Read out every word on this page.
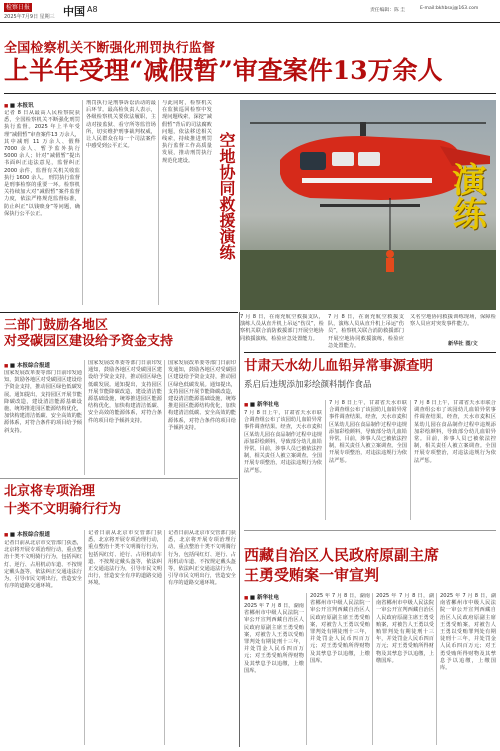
检察日报
2025年7月9日 星期三 中国 A8	责任编辑：陈 圭	E-mail:bkhbsxj@163.com
全国检察机关不断强化刑罚执行监督
上半年受理“减假暂”审查案件13万余人
■ ■ 本报讯
记者 8 日从最高人民检察院获悉，全国检察机关不断强化刑罚执行监督。2025 年上半年受理“减假暂”审查案件13 万余人，其中减刑 11 万余人、假释 7000 余人、暂予监外执行 5000 余人；针对“减假暂”提出书面纠正违法意见，监督纠正 2000 余件，监督有关机关收监执行 1600 余人。 刑罚执行监督是刑事检察的重要一环。检察机关持续加大对“减假暂”案件监督力度，依法严格规范监督标准，防止纠正“以钱赎身”等问题，确保执行公平公正。
刑罚执行是刑事诉讼活动的最后环节。最高检负责人表示，各级检察机关要依法履职，主动对接监狱、看守所等监管场所，切实维护刑事裁判权威，让人民群众在每一个司法案件中感受到公平正义。
与此同时，检察机关在监狱巡回检察中发现问题线索，深挖“减假暂”背后的司法腐败问题，依法移送相关线索，持续推进刑罚执行监督工作高质量发展，推动刑罚执行规范化建设。	空地协同救援演练	演练
7 月 8 日，在南充航空救援支队，演练人员从直升机上吊运“伤员”，检察机关联合消防救援部门开展空地协同救援演练，检验应急处置能力。
7 月 8 日，在南充航空救援支队，演练人员从直升机上吊运“伤员”，检察机关联合消防救援部门开展空地协同救援演练，检验应急处置能力。
又名空地协同救援训练现场，保障检察人员应对突发事件能力。
新华社 图/文
三部门鼓励各地区
对受碳园区建设给予资金支持
■ ■ 本报综合报道
国家发展改革委等部门日前印发通知，鼓励各地区对受碳园区建设给予资金支持，推动园区绿色低碳发展。通知提出，支持园区开展节能降碳改造，建设清洁能源基础设施，统筹推进园区能源结构优化，加快构建清洁低碳、安全高效的能源体系，对符合条件的项目给予倾斜支持。
国家发展改革委等部门日前印发通知，鼓励各地区对受碳园区建设给予资金支持，推动园区绿色低碳发展。通知提出，支持园区开展节能降碳改造，建设清洁能源基础设施，统筹推进园区能源结构优化，加快构建清洁低碳、安全高效的能源体系，对符合条件的项目给予倾斜支持。
国家发展改革委等部门日前印发通知，鼓励各地区对受碳园区建设给予资金支持，推动园区绿色低碳发展。通知提出，支持园区开展节能降碳改造，建设清洁能源基础设施，统筹推进园区能源结构优化，加快构建清洁低碳、安全高效的能源体系，对符合条件的项目给予倾斜支持。
北京将专项治理
十类不文明骑行行为
■ ■ 本报综合报道
记者日前从北京市交管部门获悉，北京将开展专项治理行动，重点整治十类不文明骑行行为，包括闯红灯、逆行、占用机动车道、不按规定戴头盔等，依法纠正交通违法行为，引导市民文明出行，营造安全有序的道路交通环境。
记者日前从北京市交管部门获悉，北京将开展专项治理行动，重点整治十类不文明骑行行为，包括闯红灯、逆行、占用机动车道、不按规定戴头盔等，依法纠正交通违法行为，引导市民文明出行，营造安全有序的道路交通环境。
记者日前从北京市交管部门获悉，北京将开展专项治理行动，重点整治十类不文明骑行行为，包括闯红灯、逆行、占用机动车道、不按规定戴头盔等，依法纠正交通违法行为，引导市民文明出行，营造安全有序的道路交通环境。
甘肃天水幼儿血铅异常事源查明
系启后违规添加彩绘颜料制作食品
■ ■ 新华社电
7 月 8 日上午，甘肃省天水市联合调查组公布了该园幼儿血铅异常事件调查结果。经查，天水市麦积区某幼儿园在食品制作过程中违规添加彩绘颜料，导致部分幼儿血铅异常。目前，涉事人员已被依法控制，相关责任人被立案调查。全国开展专项整治，对违法违规行为依法严惩。
7 月 8 日上午，甘肃省天水市联合调查组公布了该园幼儿血铅异常事件调查结果。经查，天水市麦积区某幼儿园在食品制作过程中违规添加彩绘颜料，导致部分幼儿血铅异常。目前，涉事人员已被依法控制，相关责任人被立案调查。全国开展专项整治，对违法违规行为依法严惩。
7 月 8 日上午，甘肃省天水市联合调查组公布了该园幼儿血铅异常事件调查结果。经查，天水市麦积区某幼儿园在食品制作过程中违规添加彩绘颜料，导致部分幼儿血铅异常。目前，涉事人员已被依法控制，相关责任人被立案调查。全国开展专项整治，对违法违规行为依法严惩。
西藏自治区人民政府原副主席
王勇受贿案一审宣判
■ ■ 新华社电
2025 年 7 月 8 日，湖南省郴州市中级人民法院一审公开宣判西藏自治区人民政府原副主席王勇受贿案，对被告人王勇以受贿罪判处有期徒刑十三年，并处罚金人民币四百万元；对王勇受贿所得财物及其孳息予以追缴，上缴国库。
2025 年 7 月 8 日，湖南省郴州市中级人民法院一审公开宣判西藏自治区人民政府原副主席王勇受贿案，对被告人王勇以受贿罪判处有期徒刑十三年，并处罚金人民币四百万元；对王勇受贿所得财物及其孳息予以追缴，上缴国库。
2025 年 7 月 8 日，湖南省郴州市中级人民法院一审公开宣判西藏自治区人民政府原副主席王勇受贿案，对被告人王勇以受贿罪判处有期徒刑十三年，并处罚金人民币四百万元；对王勇受贿所得财物及其孳息予以追缴，上缴国库。
2025 年 7 月 8 日，湖南省郴州市中级人民法院一审公开宣判西藏自治区人民政府原副主席王勇受贿案，对被告人王勇以受贿罪判处有期徒刑十三年，并处罚金人民币四百万元；对王勇受贿所得财物及其孳息予以追缴，上缴国库。
